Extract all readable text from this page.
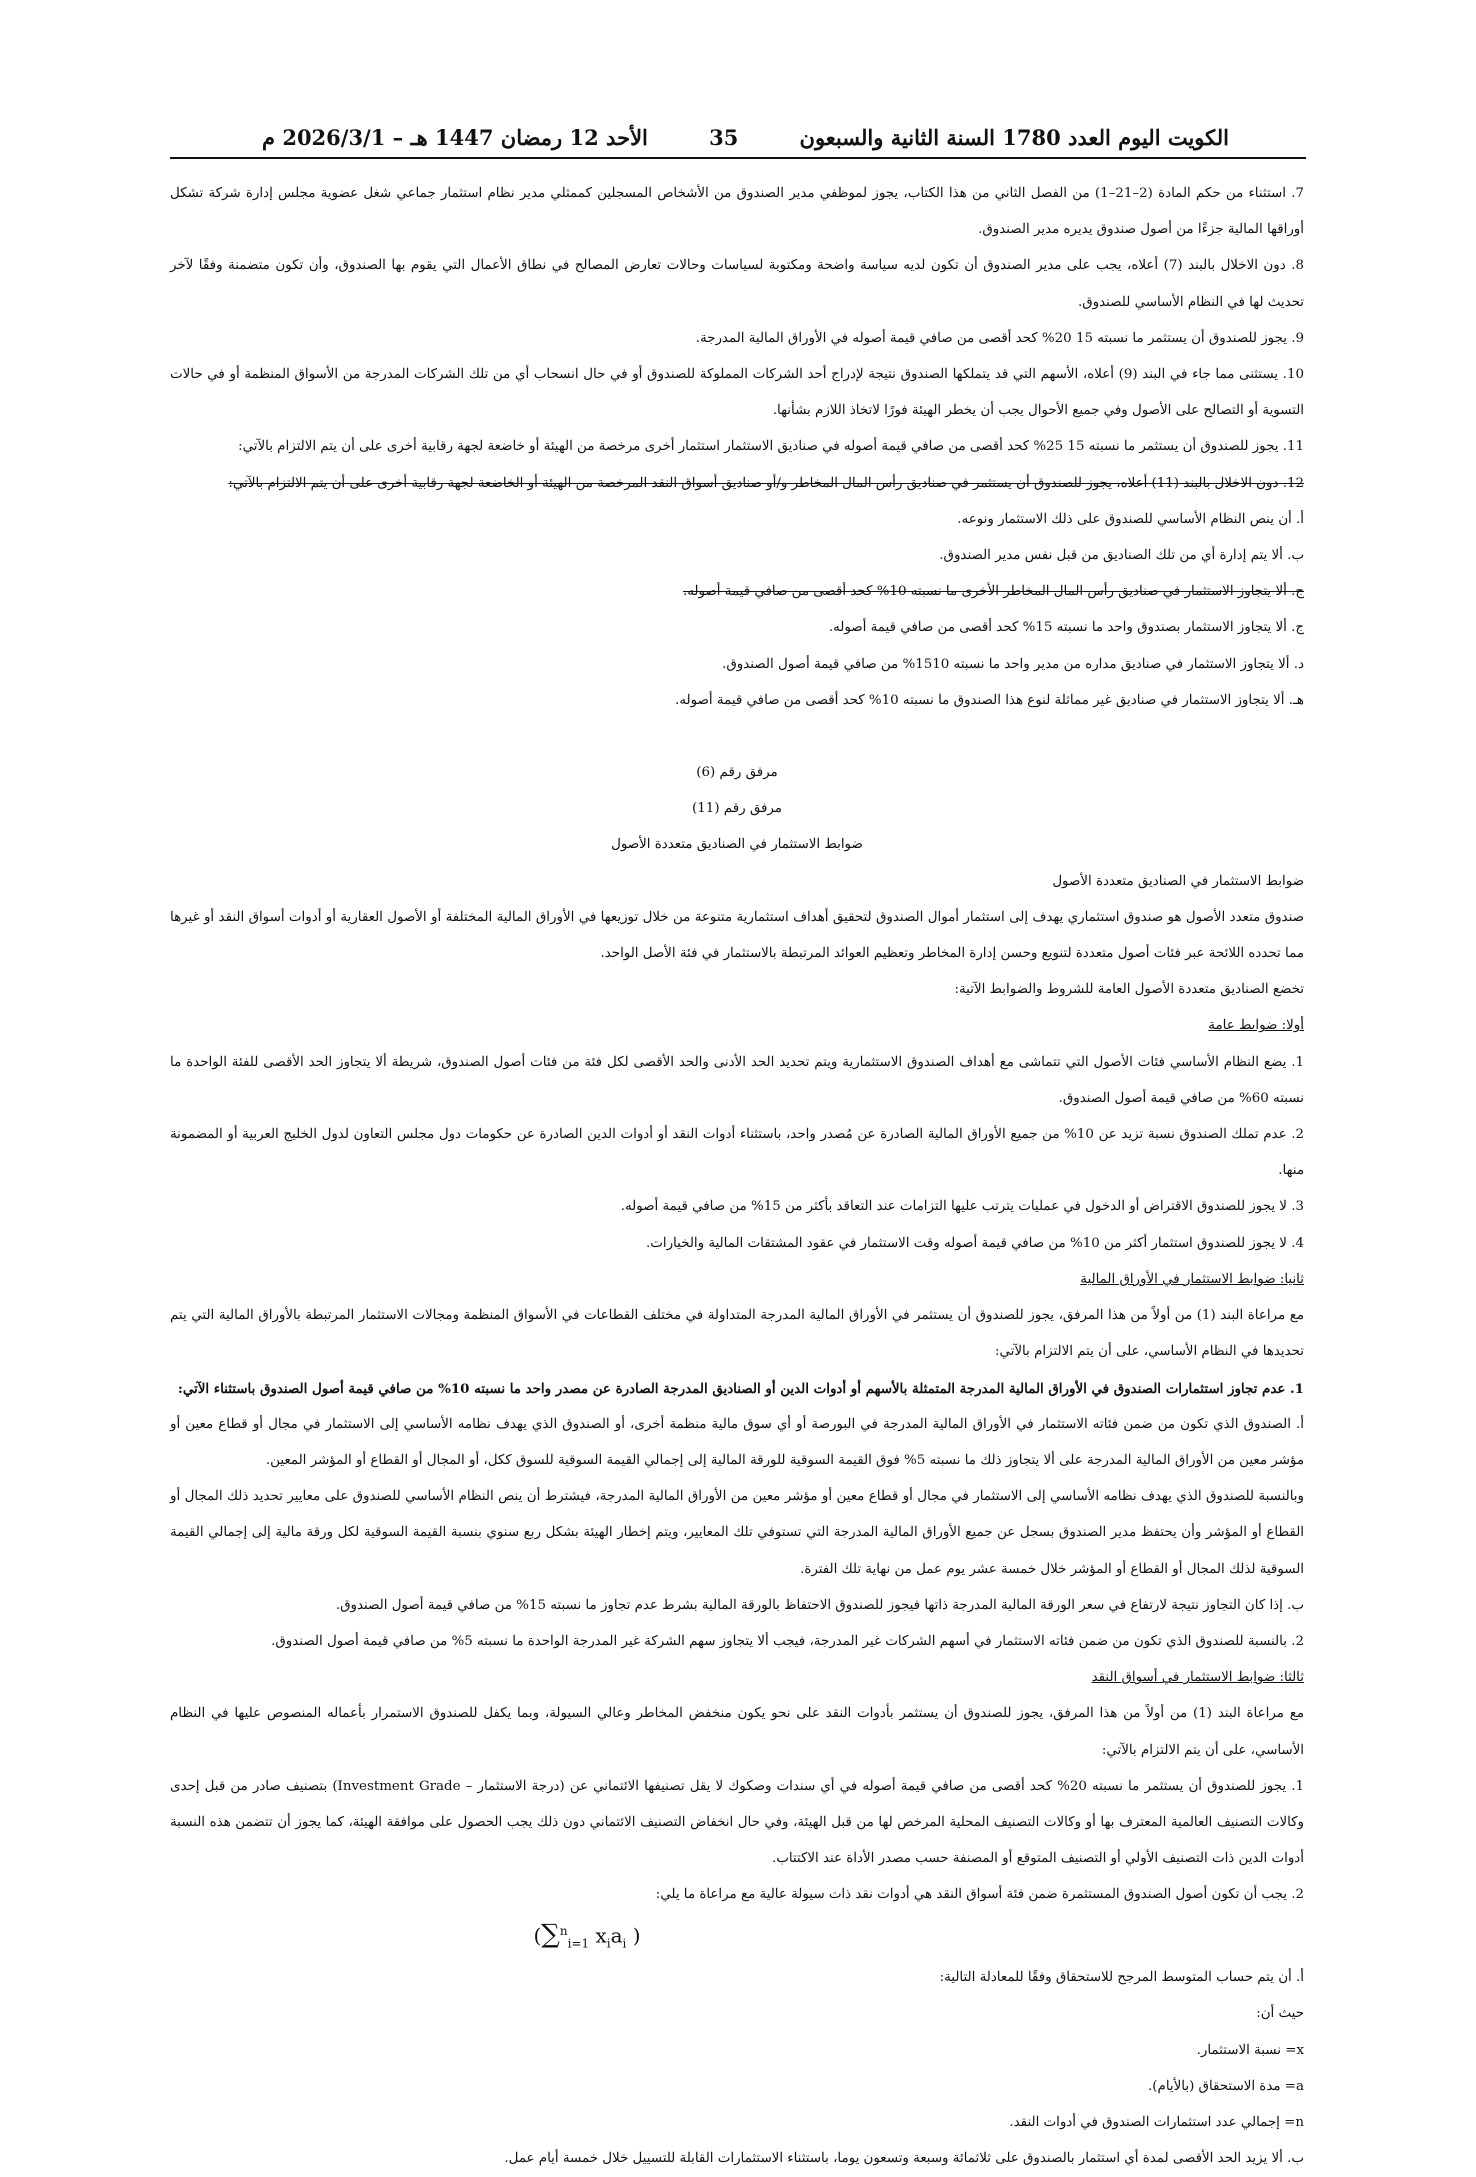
الكويت اليوم العدد 1780 السنة الثانية والسبعون
35
الأحد 12 رمضان 1447 هـ – 2026/3/1 م

7. استثناء من حكم المادة (2–21–1) من الفصل الثاني من هذا الكتاب، يجوز لموظفي مدير الصندوق من الأشخاص المسجلين كممثلي مدير نظام استثمار جماعي شغل عضوية مجلس إدارة شركة تشكل أوراقها المالية جزءًا من أصول صندوق يديره مدير الصندوق.

8. دون الاخلال بالبند (7) أعلاه، يجب على مدير الصندوق أن تكون لديه سياسة واضحة ومكتوبة لسياسات وحالات تعارض المصالح في نطاق الأعمال التي يقوم بها الصندوق، وأن تكون متضمنة وفقًا لآخر تحديث لها في النظام الأساسي للصندوق.

9. يجوز للصندوق أن يستثمر ما نسبته 15 20% كحد أقصى من صافي قيمة أصوله في الأوراق المالية المدرجة.

10. يستثنى مما جاء في البند (9) أعلاه، الأسهم التي قد يتملكها الصندوق نتيجة لإدراج أحد الشركات المملوكة للصندوق أو في حال انسحاب أي من تلك الشركات المدرجة من الأسواق المنظمة أو في حالات التسوية أو التصالح على الأصول وفي جميع الأحوال يجب أن يخطر الهيئة فورًا لاتخاذ اللازم بشأنها.

11. يجوز للصندوق أن يستثمر ما نسبته 15 25% كحد أقصى من صافي قيمة أصوله في صناديق الاستثمار استثمار أخرى مرخصة من الهيئة أو خاضعة لجهة رقابية أخرى على أن يتم الالتزام بالآتي:

12. دون الاخلال بالبند (11) أعلاه، يجوز للصندوق أن يستثمر في صناديق رأس المال المخاطر و/أو صناديق أسواق النقد المرخصة من الهيئة أو الخاضعة لجهة رقابية أخرى على أن يتم الالتزام بالآتي:

أ. أن ينص النظام الأساسي للصندوق على ذلك الاستثمار ونوعه.

ب. ألا يتم إدارة أي من تلك الصناديق من قبل نفس مدير الصندوق.

ج. ألا يتجاوز الاستثمار في صناديق رأس المال المخاطر الأخرى ما نسبته 10% كحد أقصى من صافي قيمة أصوله.

ج. ألا يتجاوز الاستثمار بصندوق واحد ما نسبته 15% كحد أقصى من صافي قيمة أصوله.

د. ألا يتجاوز الاستثمار في صناديق مداره من مدير واحد ما نسبته 1510% من صافي قيمة أصول الصندوق.

هـ. ألا يتجاوز الاستثمار في صناديق غير مماثلة لنوع هذا الصندوق ما نسبته 10% كحد أقصى من صافي قيمة أصوله.

مرفق رقم (6)

مرفق رقم (11)

ضوابط الاستثمار في الصناديق متعددة الأصول

ضوابط الاستثمار في الصناديق متعددة الأصول

صندوق متعدد الأصول هو صندوق استثماري يهدف إلى استثمار أموال الصندوق لتحقيق أهداف استثمارية متنوعة من خلال توزيعها في الأوراق المالية المختلفة أو الأصول العقارية أو أدوات أسواق النقد أو غيرها مما تحدده اللائحة عبر فئات أصول متعددة لتنويع وحسن إدارة المخاطر وتعظيم العوائد المرتبطة بالاستثمار في فئة الأصل الواحد.

تخضع الصناديق متعددة الأصول العامة للشروط والضوابط الآتية:

أولا: ضوابط عامة

1. يضع النظام الأساسي فئات الأصول التي تتماشى مع أهداف الصندوق الاستثمارية ويتم تحديد الحد الأدنى والحد الأقصى لكل فئة من فئات أصول الصندوق، شريطة ألا يتجاوز الحد الأقصى للفئة الواحدة ما نسبته 60% من صافي قيمة أصول الصندوق.

2. عدم تملك الصندوق نسبة تزيد عن 10% من جميع الأوراق المالية الصادرة عن مُصدر واحد، باستثناء أدوات النقد أو أدوات الدين الصادرة عن حكومات دول مجلس التعاون لدول الخليج العربية أو المضمونة منها.

3. لا يجوز للصندوق الاقتراض أو الدخول في عمليات يترتب عليها التزامات عند التعاقد بأكثر من 15% من صافي قيمة أصوله.

4. لا يجوز للصندوق استثمار أكثر من 10% من صافي قيمة أصوله وقت الاستثمار في عقود المشتقات المالية والخيارات.

ثانيا: ضوابط الاستثمار في الأوراق المالية

مع مراعاة البند (1) من أولاً من هذا المرفق، يجوز للصندوق أن يستثمر في الأوراق المالية المدرجة المتداولة في مختلف القطاعات في الأسواق المنظمة ومجالات الاستثمار المرتبطة بالأوراق المالية التي يتم تحديدها في النظام الأساسي، على أن يتم الالتزام بالآتي:

1. عدم تجاوز استثمارات الصندوق في الأوراق المالية المدرجة المتمثلة بالأسهم أو أدوات الدين أو الصناديق المدرجة الصادرة عن مصدر واحد ما نسبته 10% من صافي قيمة أصول الصندوق باستثناء الآتي:

أ. الصندوق الذي تكون من ضمن فئاته الاستثمار في الأوراق المالية المدرجة في البورصة أو أي سوق مالية منظمة أخرى، أو الصندوق الذي يهدف نظامه الأساسي إلى الاستثمار في مجال أو قطاع معين أو مؤشر معين من الأوراق المالية المدرجة على ألا يتجاوز ذلك ما نسبته 5% فوق القيمة السوقية للورقة المالية إلى إجمالي القيمة السوقية للسوق ككل، أو المجال أو القطاع أو المؤشر المعين.

وبالنسبة للصندوق الذي يهدف نظامه الأساسي إلى الاستثمار في مجال أو قطاع معين أو مؤشر معين من الأوراق المالية المدرجة، فيشترط أن ينص النظام الأساسي للصندوق على معايير تحديد ذلك المجال أو القطاع أو المؤشر وأن يحتفظ مدير الصندوق بسجل عن جميع الأوراق المالية المدرجة التي تستوفي تلك المعايير، ويتم إخطار الهيئة بشكل ربع سنوي بنسبة القيمة السوقية لكل ورقة مالية إلى إجمالي القيمة السوقية لذلك المجال أو القطاع أو المؤشر خلال خمسة عشر يوم عمل من نهاية تلك الفترة.

ب. إذا كان التجاوز نتيجة لارتفاع في سعر الورقة المالية المدرجة ذاتها فيجوز للصندوق الاحتفاظ بالورقة المالية بشرط عدم تجاوز ما نسبته 15% من صافي قيمة أصول الصندوق.

2. بالنسبة للصندوق الذي تكون من ضمن فئاته الاستثمار في أسهم الشركات غير المدرجة، فيجب ألا يتجاوز سهم الشركة غير المدرجة الواحدة ما نسبته 5% من صافي قيمة أصول الصندوق.

ثالثا: ضوابط الاستثمار في أسواق النقد

مع مراعاة البند (1) من أولاً من هذا المرفق، يجوز للصندوق أن يستثمر بأدوات النقد على نحو يكون منخفض المخاطر وعالي السيولة، وبما يكفل للصندوق الاستمرار بأعماله المنصوص عليها في النظام الأساسي، على أن يتم الالتزام بالآتي:

1. يجوز للصندوق أن يستثمر ما نسبته 20% كحد أقصى من صافي قيمة أصوله في أي سندات وصكوك لا يقل تصنيفها الائتماني عن (درجة الاستثمار – Investment Grade) بتصنيف صادر من قبل إحدى وكالات التصنيف العالمية المعترف بها أو وكالات التصنيف المحلية المرخص لها من قبل الهيئة، وفي حال انخفاض التصنيف الائتماني دون ذلك يجب الحصول على موافقة الهيئة، كما يجوز أن تتضمن هذه النسبة أدوات الدين ذات التصنيف الأولي أو التصنيف المتوقع أو المصنفة حسب مصدر الأداة عند الاكتتاب.

2. يجب أن تكون أصول الصندوق المستثمرة ضمن فئة أسواق النقد هي أدوات نقد ذات سيولة عالية مع مراعاة ما يلي:

(∑$^n_{i=1}$ $x_ia_i$ )

أ. أن يتم حساب المتوسط المرجح للاستحقاق وفقًا للمعادلة التالية:

حيث أن:

x= نسبة الاستثمار.

a= مدة الاستحقاق (بالأيام).

n= إجمالي عدد استثمارات الصندوق في أدوات النقد.

ب. ألا يزيد الحد الأقصى لمدة أي استثمار بالصندوق على ثلاثمائة وسبعة وتسعون يوما، باستثناء الاستثمارات القابلة للتسييل خلال خمسة أيام عمل.
